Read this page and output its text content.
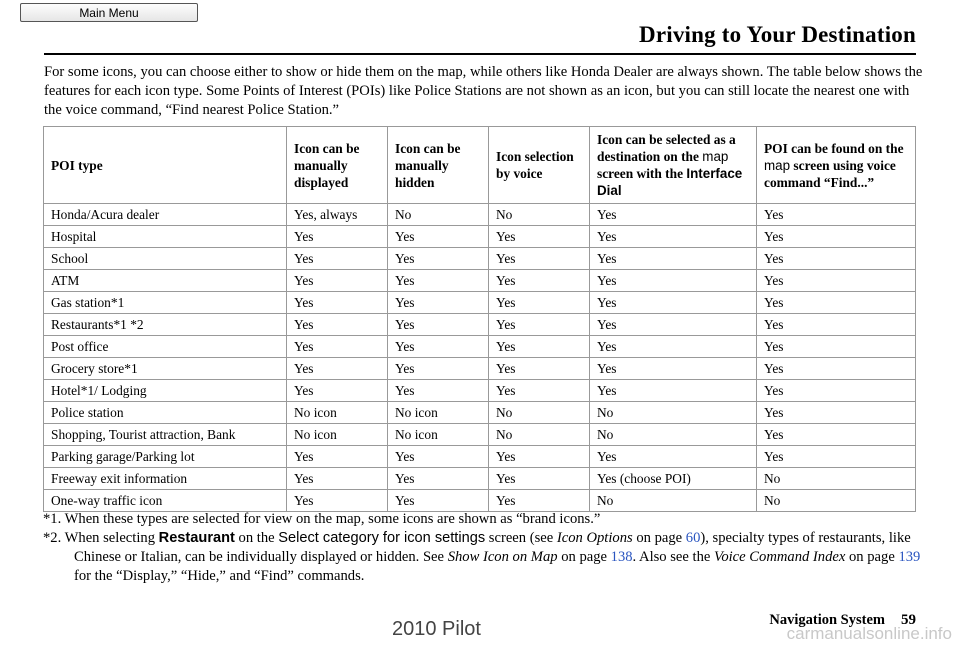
Main Menu
Driving to Your Destination

For some icons, you can choose either to show or hide them on the map, while others like Honda Dealer are always shown. The table below shows the features for each icon type. Some Points of Interest (POIs) like Police Stations are not shown as an icon, but you can still locate the nearest one with the voice command, “Find nearest Police Station.”

POI type	Icon can be manually displayed	Icon can be manually hidden	Icon selection by voice	Icon can be selected as a destination on the map screen with the Interface Dial	POI can be found on the map screen using voice command “Find...”
Honda/Acura dealer	Yes, always	No	No	Yes	Yes
Hospital	Yes	Yes	Yes	Yes	Yes
School	Yes	Yes	Yes	Yes	Yes
ATM	Yes	Yes	Yes	Yes	Yes
Gas station*1	Yes	Yes	Yes	Yes	Yes
Restaurants*1 *2	Yes	Yes	Yes	Yes	Yes
Post office	Yes	Yes	Yes	Yes	Yes
Grocery store*1	Yes	Yes	Yes	Yes	Yes
Hotel*1/ Lodging	Yes	Yes	Yes	Yes	Yes
Police station	No icon	No icon	No	No	Yes
Shopping, Tourist attraction, Bank	No icon	No icon	No	No	Yes
Parking garage/Parking lot	Yes	Yes	Yes	Yes	Yes
Freeway exit information	Yes	Yes	Yes	Yes (choose POI)	No
One-way traffic icon	Yes	Yes	Yes	No	No

*1. When these types are selected for view on the map, some icons are shown as “brand icons.”

*2. When selecting Restaurant on the Select category for icon settings screen (see Icon Options on page 60), specialty types of restaurants, like Chinese or Italian, can be individually displayed or hidden. See Show Icon on Map on page 138. Also see the Voice Command Index on page 139 for the “Display,” “Hide,” and “Find” commands.

Navigation System 59
2010 Pilot	carmanualsonline.info
